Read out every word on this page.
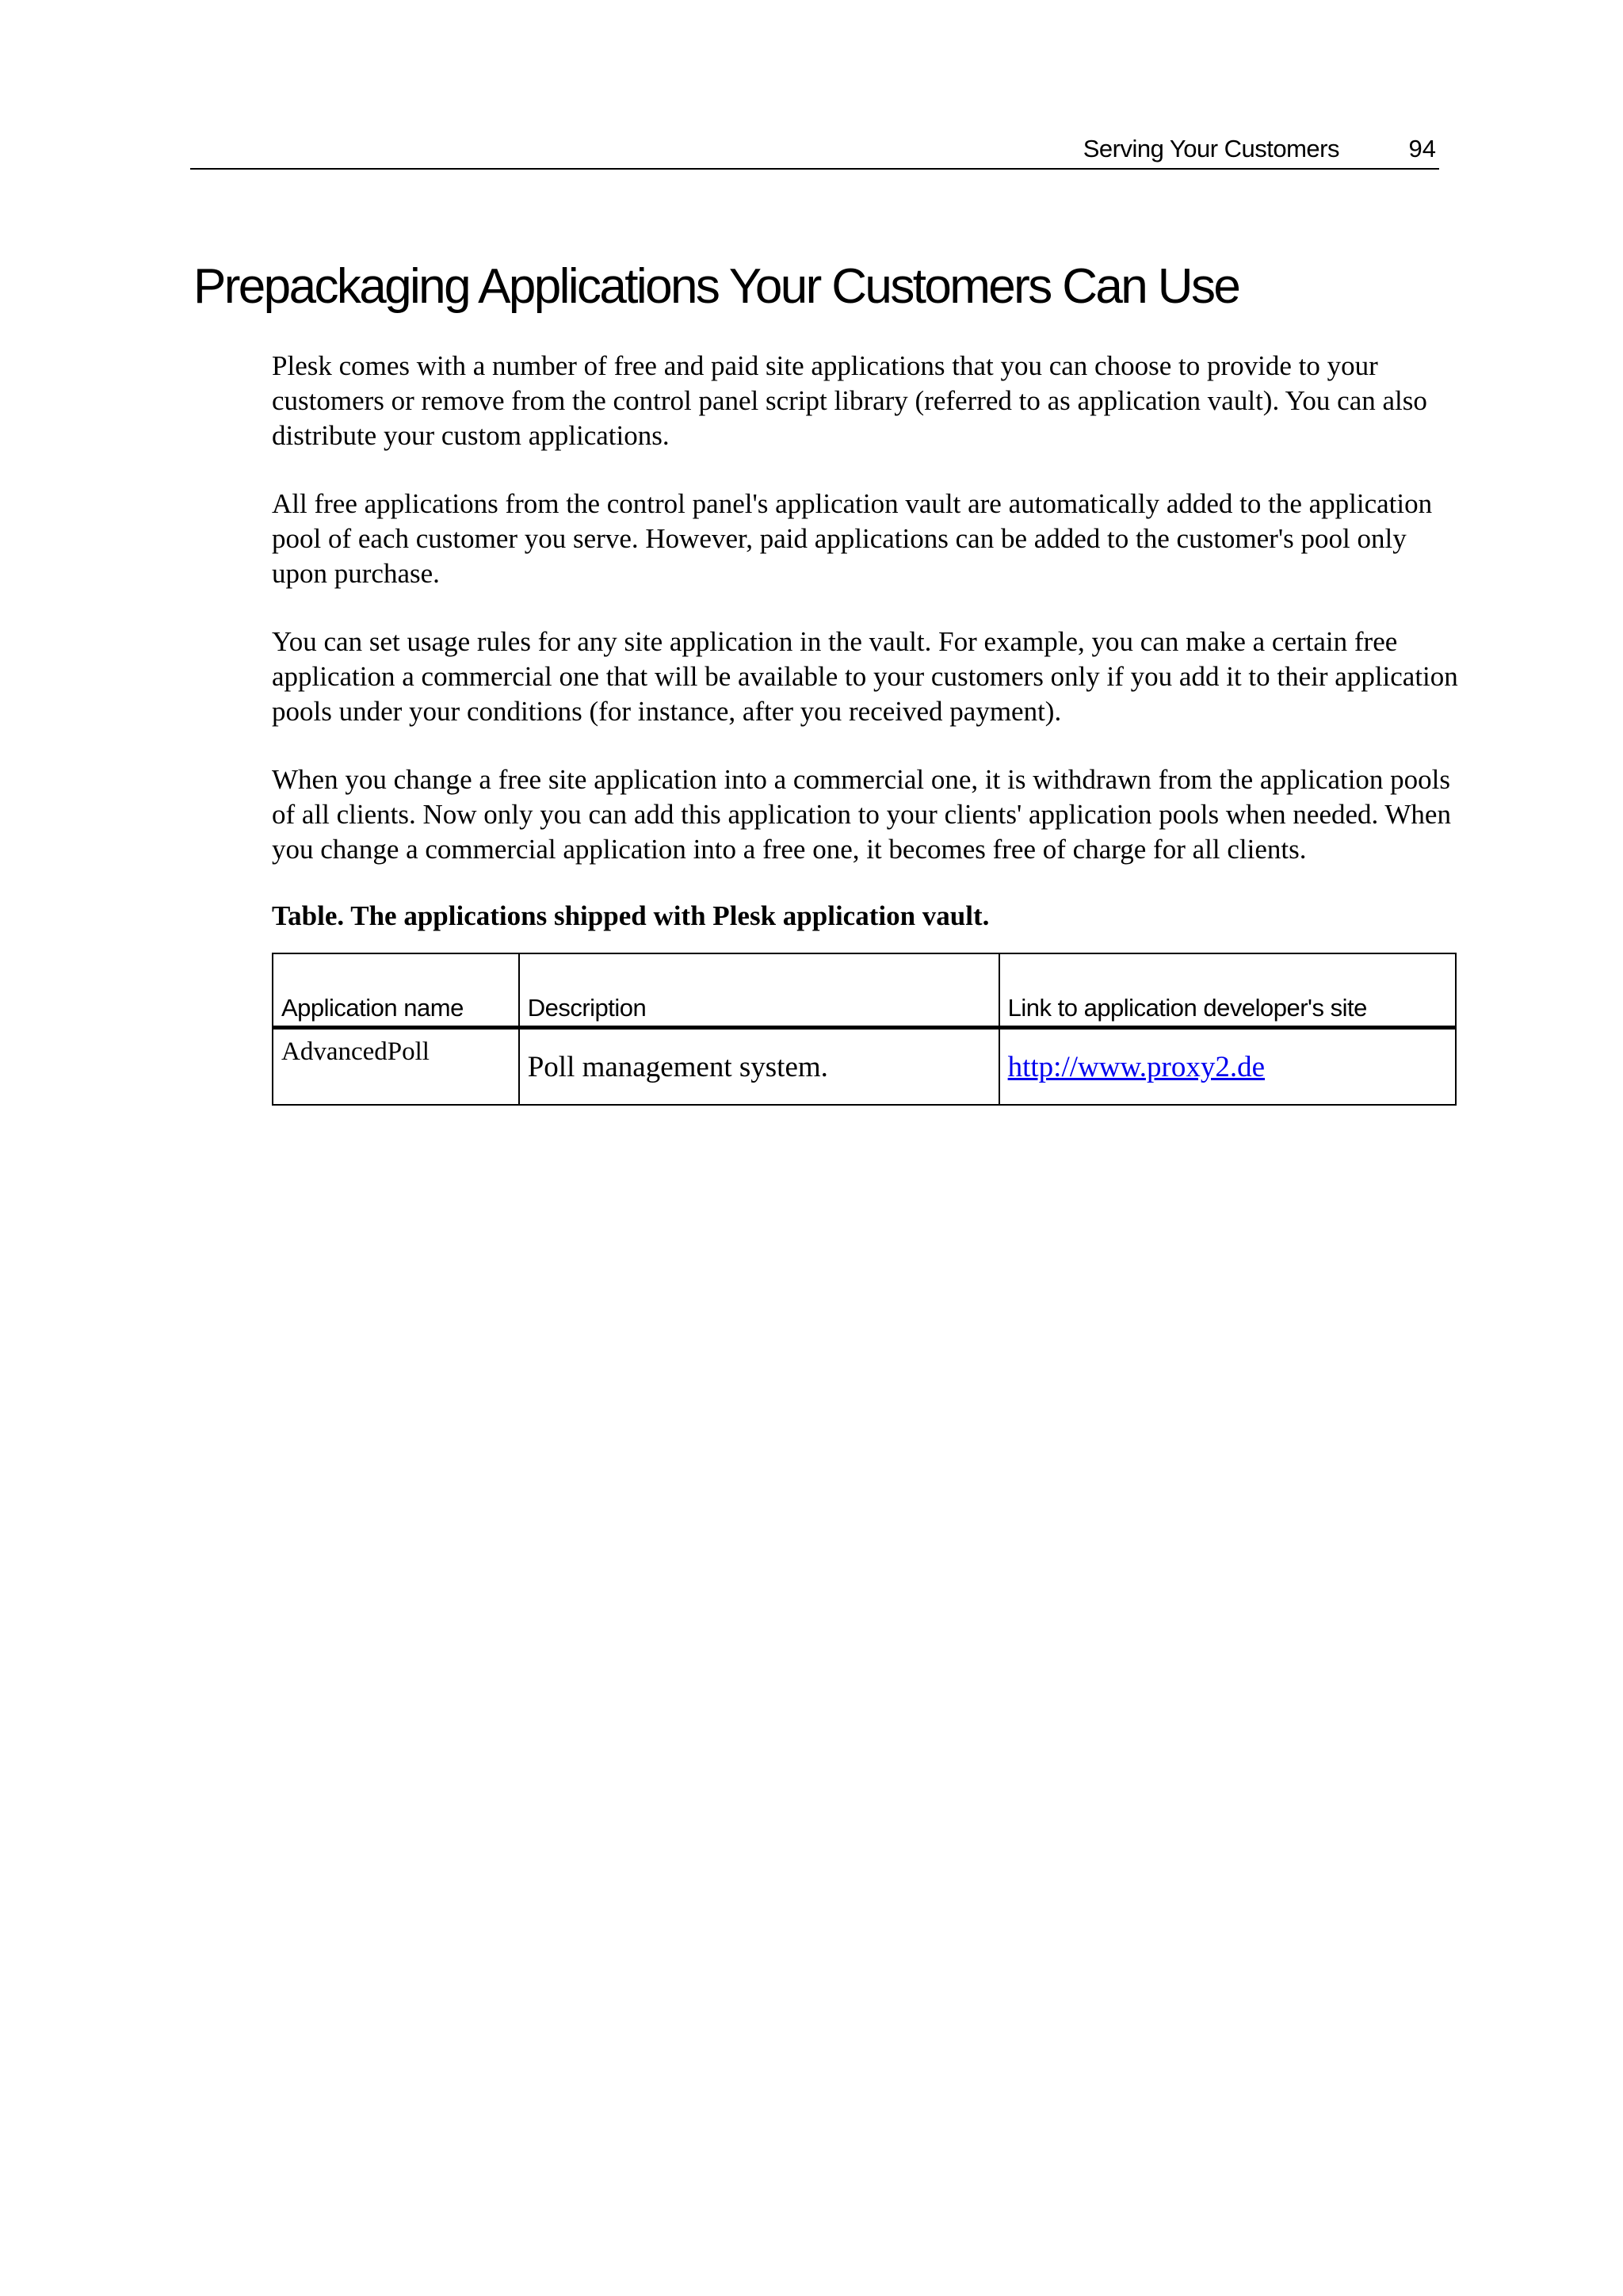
Serving Your Customers	94
Prepackaging Applications Your Customers Can Use

Plesk comes with a number of free and paid site applications that you can choose to provide to your customers or remove from the control panel script library (referred to as application vault). You can also distribute your custom applications.

All free applications from the control panel's application vault are automatically added to the application pool of each customer you serve. However, paid applications can be added to the customer's pool only upon purchase.

You can set usage rules for any site application in the vault. For example, you can make a certain free application a commercial one that will be available to your customers only if you add it to their application pools under your conditions (for instance, after you received payment).

When you change a free site application into a commercial one, it is withdrawn from the application pools of all clients. Now only you can add this application to your clients' application pools when needed. When you change a commercial application into a free one, it becomes free of charge for all clients.

Table. The applications shipped with Plesk application vault.

Application name	Description	Link to application developer's site
AdvancedPoll	Poll management system.	http://www.proxy2.de
